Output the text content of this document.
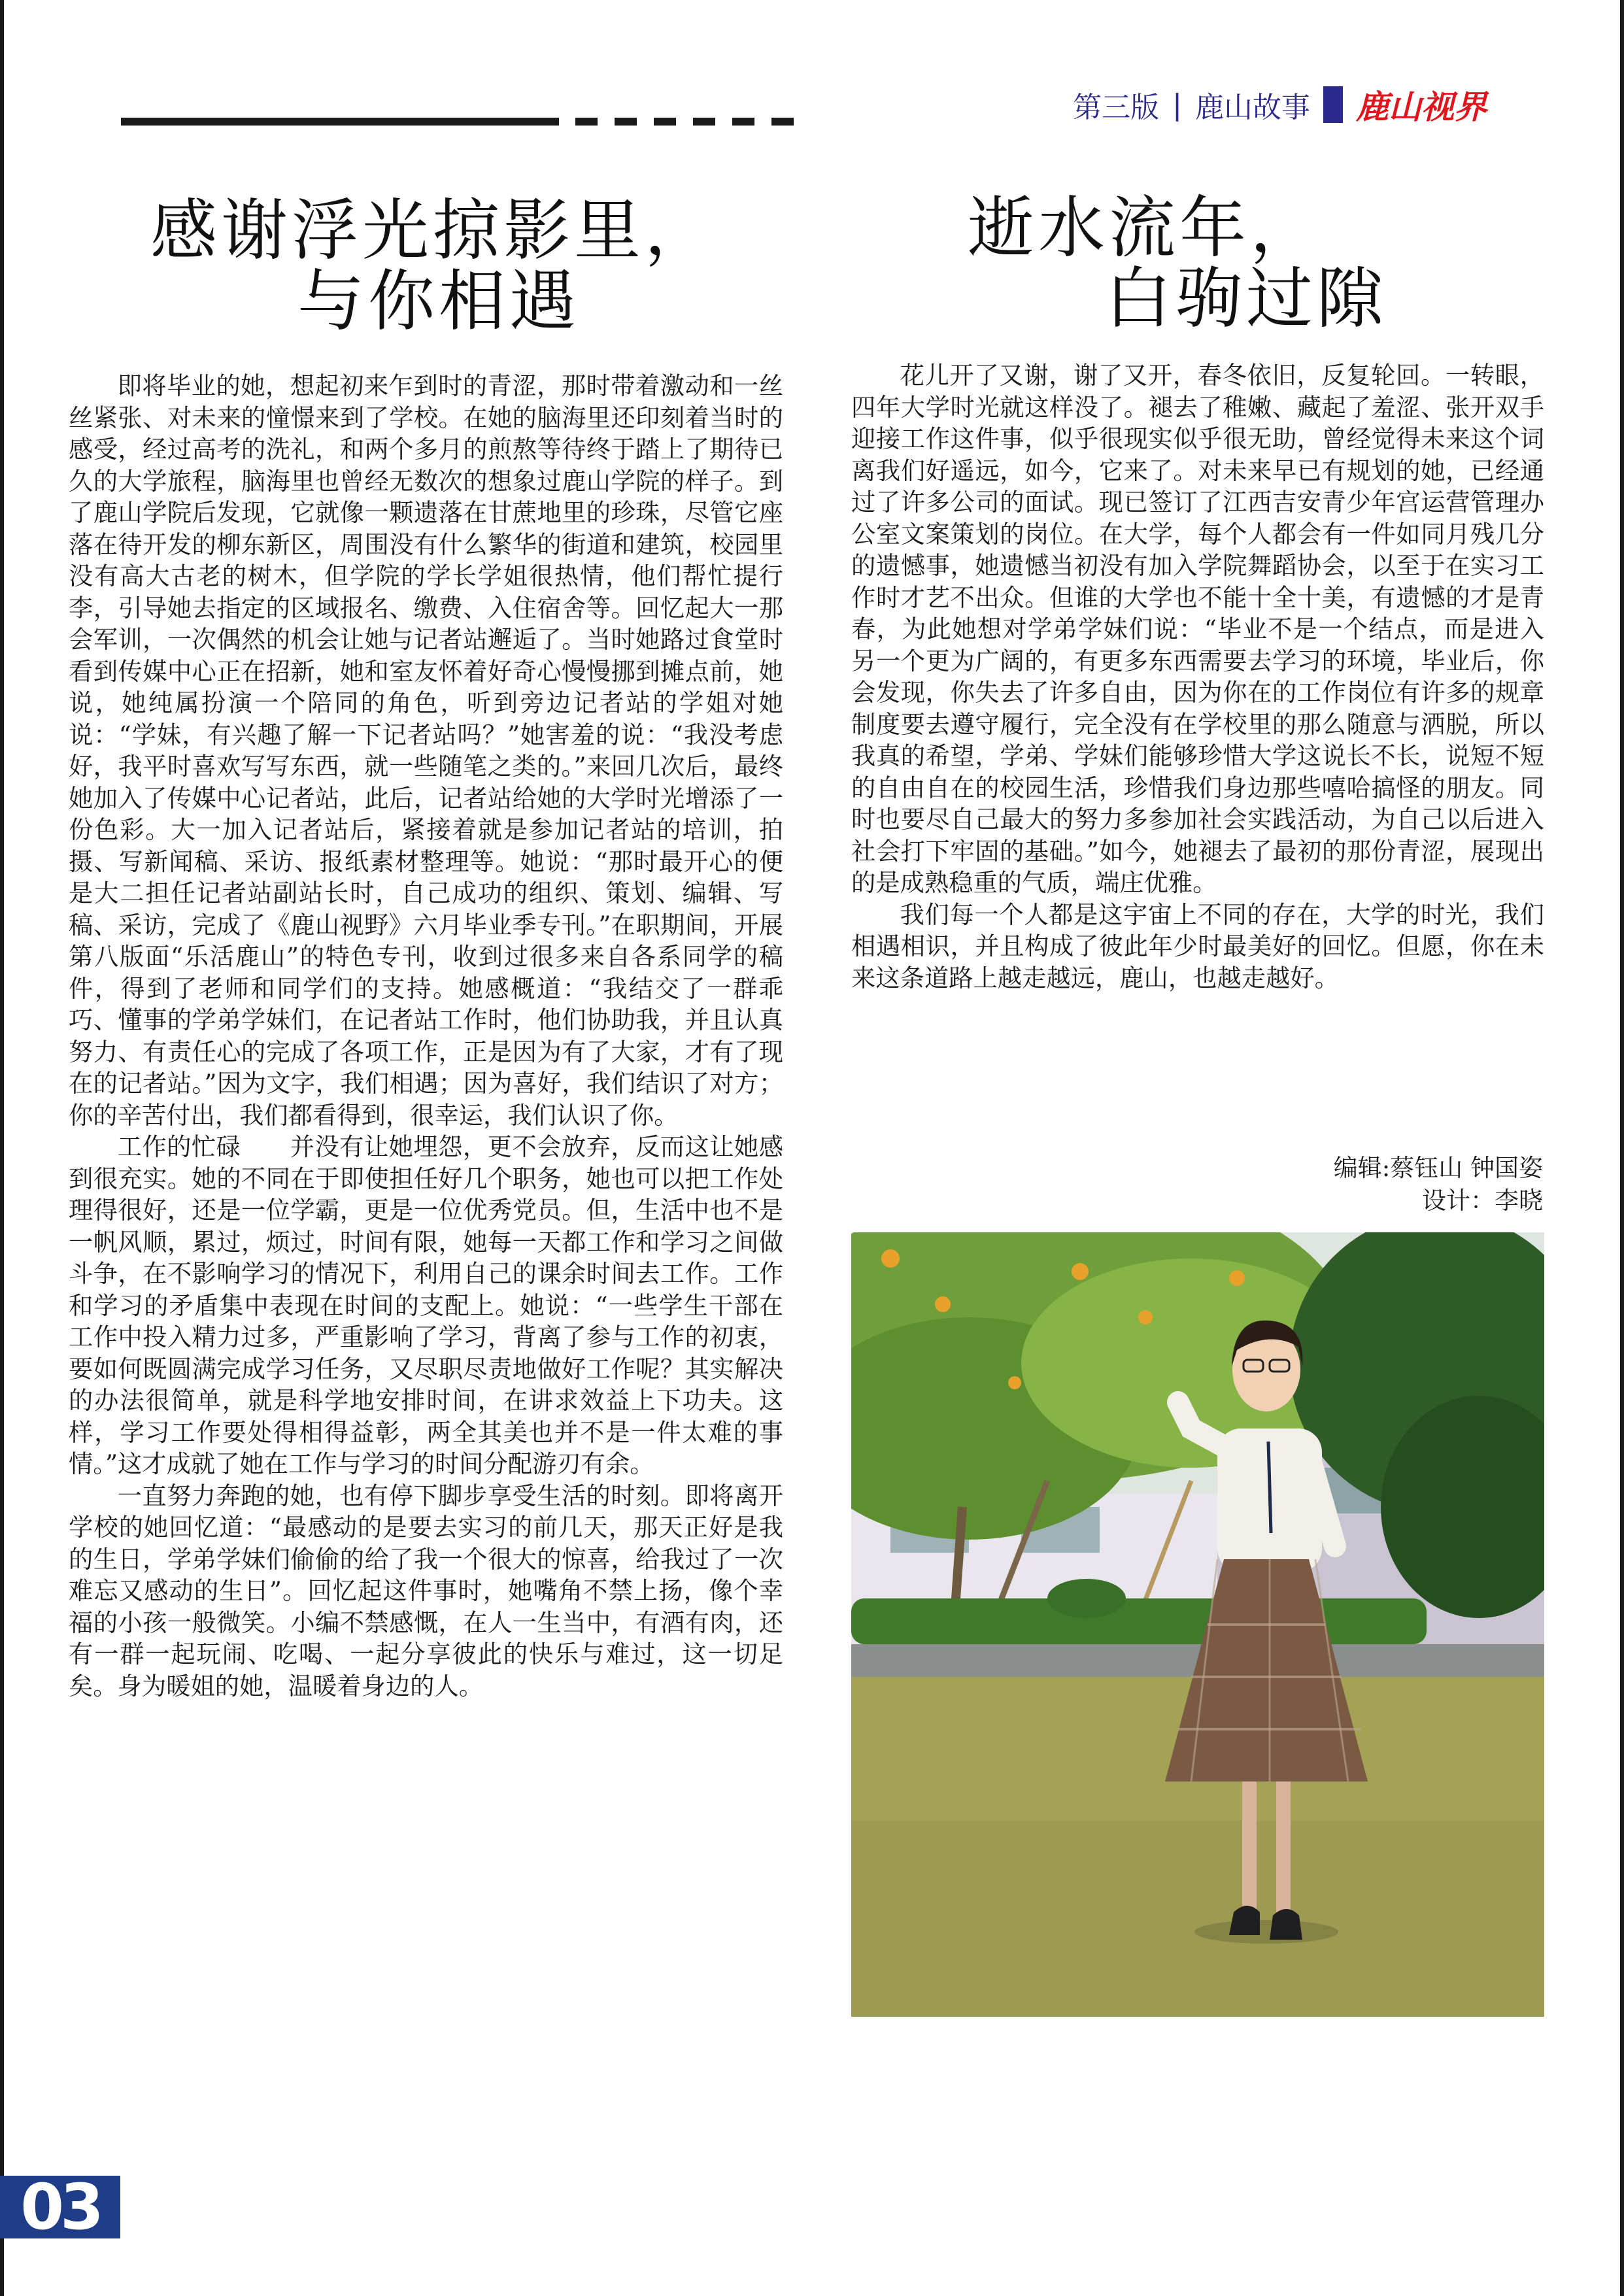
第三版 | 鹿山故事 鹿山视界
感谢浮光掠影里，
与你相遇
逝水流年，
白驹过隙

即将毕业的她，想起初来乍到时的青涩，那时带着激动和一丝丝紧张、对未来的憧憬来到了学校。在她的脑海里还印刻着当时的感受，经过高考的洗礼，和两个多月的煎熬等待终于踏上了期待已久的大学旅程，脑海里也曾经无数次的想象过鹿山学院的样子。到了鹿山学院后发现，它就像一颗遗落在甘蔗地里的珍珠，尽管它座落在待开发的柳东新区，周围没有什么繁华的街道和建筑，校园里没有高大古老的树木，但学院的学长学姐很热情，他们帮忙提行李，引导她去指定的区域报名、缴费、入住宿舍等。回忆起大一那会军训，一次偶然的机会让她与记者站邂逅了。当时她路过食堂时看到传媒中心正在招新，她和室友怀着好奇心慢慢挪到摊点前，她说，她纯属扮演一个陪同的角色，听到旁边记者站的学姐对她说：“学妹，有兴趣了解一下记者站吗？”她害羞的说：“我没考虑好，我平时喜欢写写东西，就一些随笔之类的。”来回几次后，最终她加入了传媒中心记者站，此后，记者站给她的大学时光增添了一份色彩。大一加入记者站后，紧接着就是参加记者站的培训，拍摄、写新闻稿、采访、报纸素材整理等。她说：“那时最开心的便是大二担任记者站副站长时，自己成功的组织、策划、编辑、写稿、采访，完成了《鹿山视野》六月毕业季专刊。”在职期间，开展第八版面“乐活鹿山”的特色专刊，收到过很多来自各系同学的稿件，得到了老师和同学们的支持。她感概道：“我结交了一群乖巧、懂事的学弟学妹们，在记者站工作时，他们协助我，并且认真努力、有责任心的完成了各项工作，正是因为有了大家，才有了现在的记者站。”因为文字，我们相遇；因为喜好，我们结识了对方；你的辛苦付出，我们都看得到，很幸运，我们认识了你。

工作的忙碌　　并没有让她埋怨，更不会放弃，反而这让她感到很充实。她的不同在于即使担任好几个职务，她也可以把工作处理得很好，还是一位学霸，更是一位优秀党员。但，生活中也不是一帆风顺，累过，烦过，时间有限，她每一天都工作和学习之间做斗争，在不影响学习的情况下，利用自己的课余时间去工作。工作和学习的矛盾集中表现在时间的支配上。她说：“一些学生干部在工作中投入精力过多，严重影响了学习，背离了参与工作的初衷，要如何既圆满完成学习任务，又尽职尽责地做好工作呢？其实解决的办法很简单，就是科学地安排时间，在讲求效益上下功夫。这样，学习工作要处得相得益彰，两全其美也并不是一件太难的事情。”这才成就了她在工作与学习的时间分配游刃有余。

一直努力奔跑的她，也有停下脚步享受生活的时刻。即将离开学校的她回忆道：“最感动的是要去实习的前几天，那天正好是我的生日，学弟学妹们偷偷的给了我一个很大的惊喜，给我过了一次难忘又感动的生日”。回忆起这件事时，她嘴角不禁上扬，像个幸福的小孩一般微笑。小编不禁感慨，在人一生当中，有酒有肉，还有一群一起玩闹、吃喝、一起分享彼此的快乐与难过，这一切足矣。身为暖姐的她，温暖着身边的人。

花儿开了又谢，谢了又开，春冬依旧，反复轮回。一转眼，四年大学时光就这样没了。褪去了稚嫩、藏起了羞涩、张开双手迎接工作这件事，似乎很现实似乎很无助，曾经觉得未来这个词离我们好遥远，如今，它来了。对未来早已有规划的她，已经通过了许多公司的面试。现已签订了江西吉安青少年宫运营管理办公室文案策划的岗位。在大学，每个人都会有一件如同月残几分的遗憾事，她遗憾当初没有加入学院舞蹈协会，以至于在实习工作时才艺不出众。但谁的大学也不能十全十美，有遗憾的才是青春，为此她想对学弟学妹们说：“毕业不是一个结点，而是进入另一个更为广阔的，有更多东西需要去学习的环境，毕业后，你会发现，你失去了许多自由，因为你在的工作岗位有许多的规章制度要去遵守履行，完全没有在学校里的那么随意与洒脱，所以我真的希望，学弟、学妹们能够珍惜大学这说长不长，说短不短的自由自在的校园生活，珍惜我们身边那些嘻哈搞怪的朋友。同时也要尽自己最大的努力多参加社会实践活动，为自己以后进入社会打下牢固的基础。”如今，她褪去了最初的那份青涩，展现出的是成熟稳重的气质，端庄优雅。

我们每一个人都是这宇宙上不同的存在，大学的时光，我们相遇相识，并且构成了彼此年少时最美好的回忆。但愿，你在未来这条道路上越走越远，鹿山，也越走越好。

编辑:蔡钰山 钟国姿
设计：李晓
03
